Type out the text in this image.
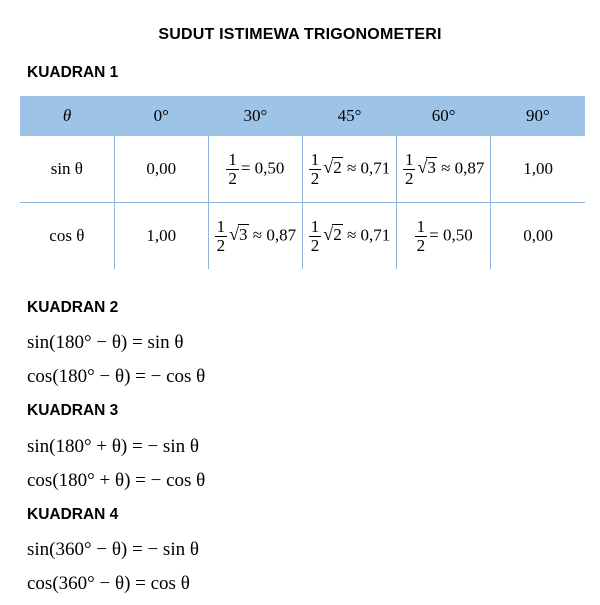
SUDUT ISTIMEWA TRIGONOMETERI
KUADRAN 1
θ	0°	30°	45°	60°	90°
sin θ	0,00	$\frac{1}{2} = 0,50$	$\frac{1}{2} √2 \approx 0,71$	$\frac{1}{2} √3 \approx 0,87$	1,00
cos θ	1,00	$\frac{1}{2} √3 \approx 0,87$	$\frac{1}{2} √2 \approx 0,71$	$\frac{1}{2} = 0,50$	0,00
KUADRAN 2
sin(180° − θ) = sin θ
cos(180° − θ) = − cos θ
KUADRAN 3
sin(180° + θ) = − sin θ
cos(180° + θ) = − cos θ
KUADRAN 4
sin(360° − θ) = − sin θ
cos(360° − θ) = cos θ
